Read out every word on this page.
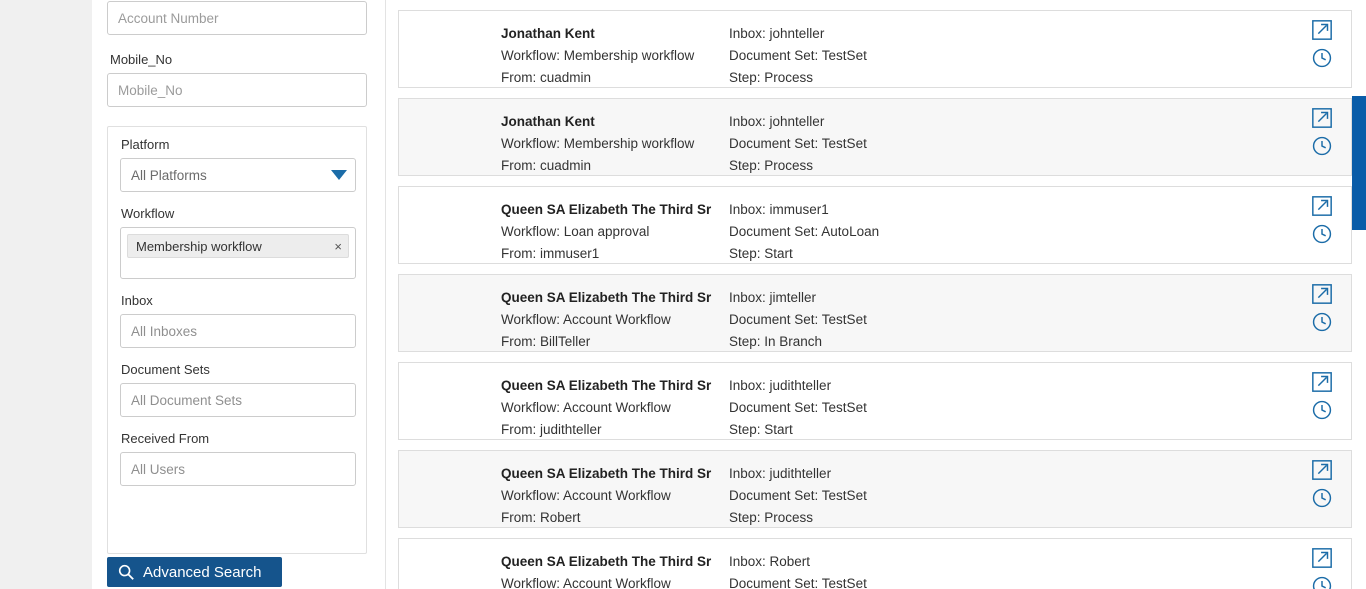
Account Number
Mobile_No
Mobile_No
Platform
All Platforms
Workflow
Membership workflow	×
Inbox
All Inboxes
Document Sets
All Document Sets
Received From
All Users
Advanced Search
Jonathan Kent
Workflow: Membership workflow
From: cuadmin
Inbox: johnteller
Document Set: TestSet
Step: Process
Jonathan Kent
Workflow: Membership workflow
From: cuadmin
Inbox: johnteller
Document Set: TestSet
Step: Process
Queen SA Elizabeth The Third Sr
Workflow: Loan approval
From: immuser1
Inbox: immuser1
Document Set: AutoLoan
Step: Start
Queen SA Elizabeth The Third Sr
Workflow: Account Workflow
From: BillTeller
Inbox: jimteller
Document Set: TestSet
Step: In Branch
Queen SA Elizabeth The Third Sr
Workflow: Account Workflow
From: judithteller
Inbox: judithteller
Document Set: TestSet
Step: Start
Queen SA Elizabeth The Third Sr
Workflow: Account Workflow
From: Robert
Inbox: judithteller
Document Set: TestSet
Step: Process
Queen SA Elizabeth The Third Sr
Workflow: Account Workflow
Inbox: Robert
Document Set: TestSet
